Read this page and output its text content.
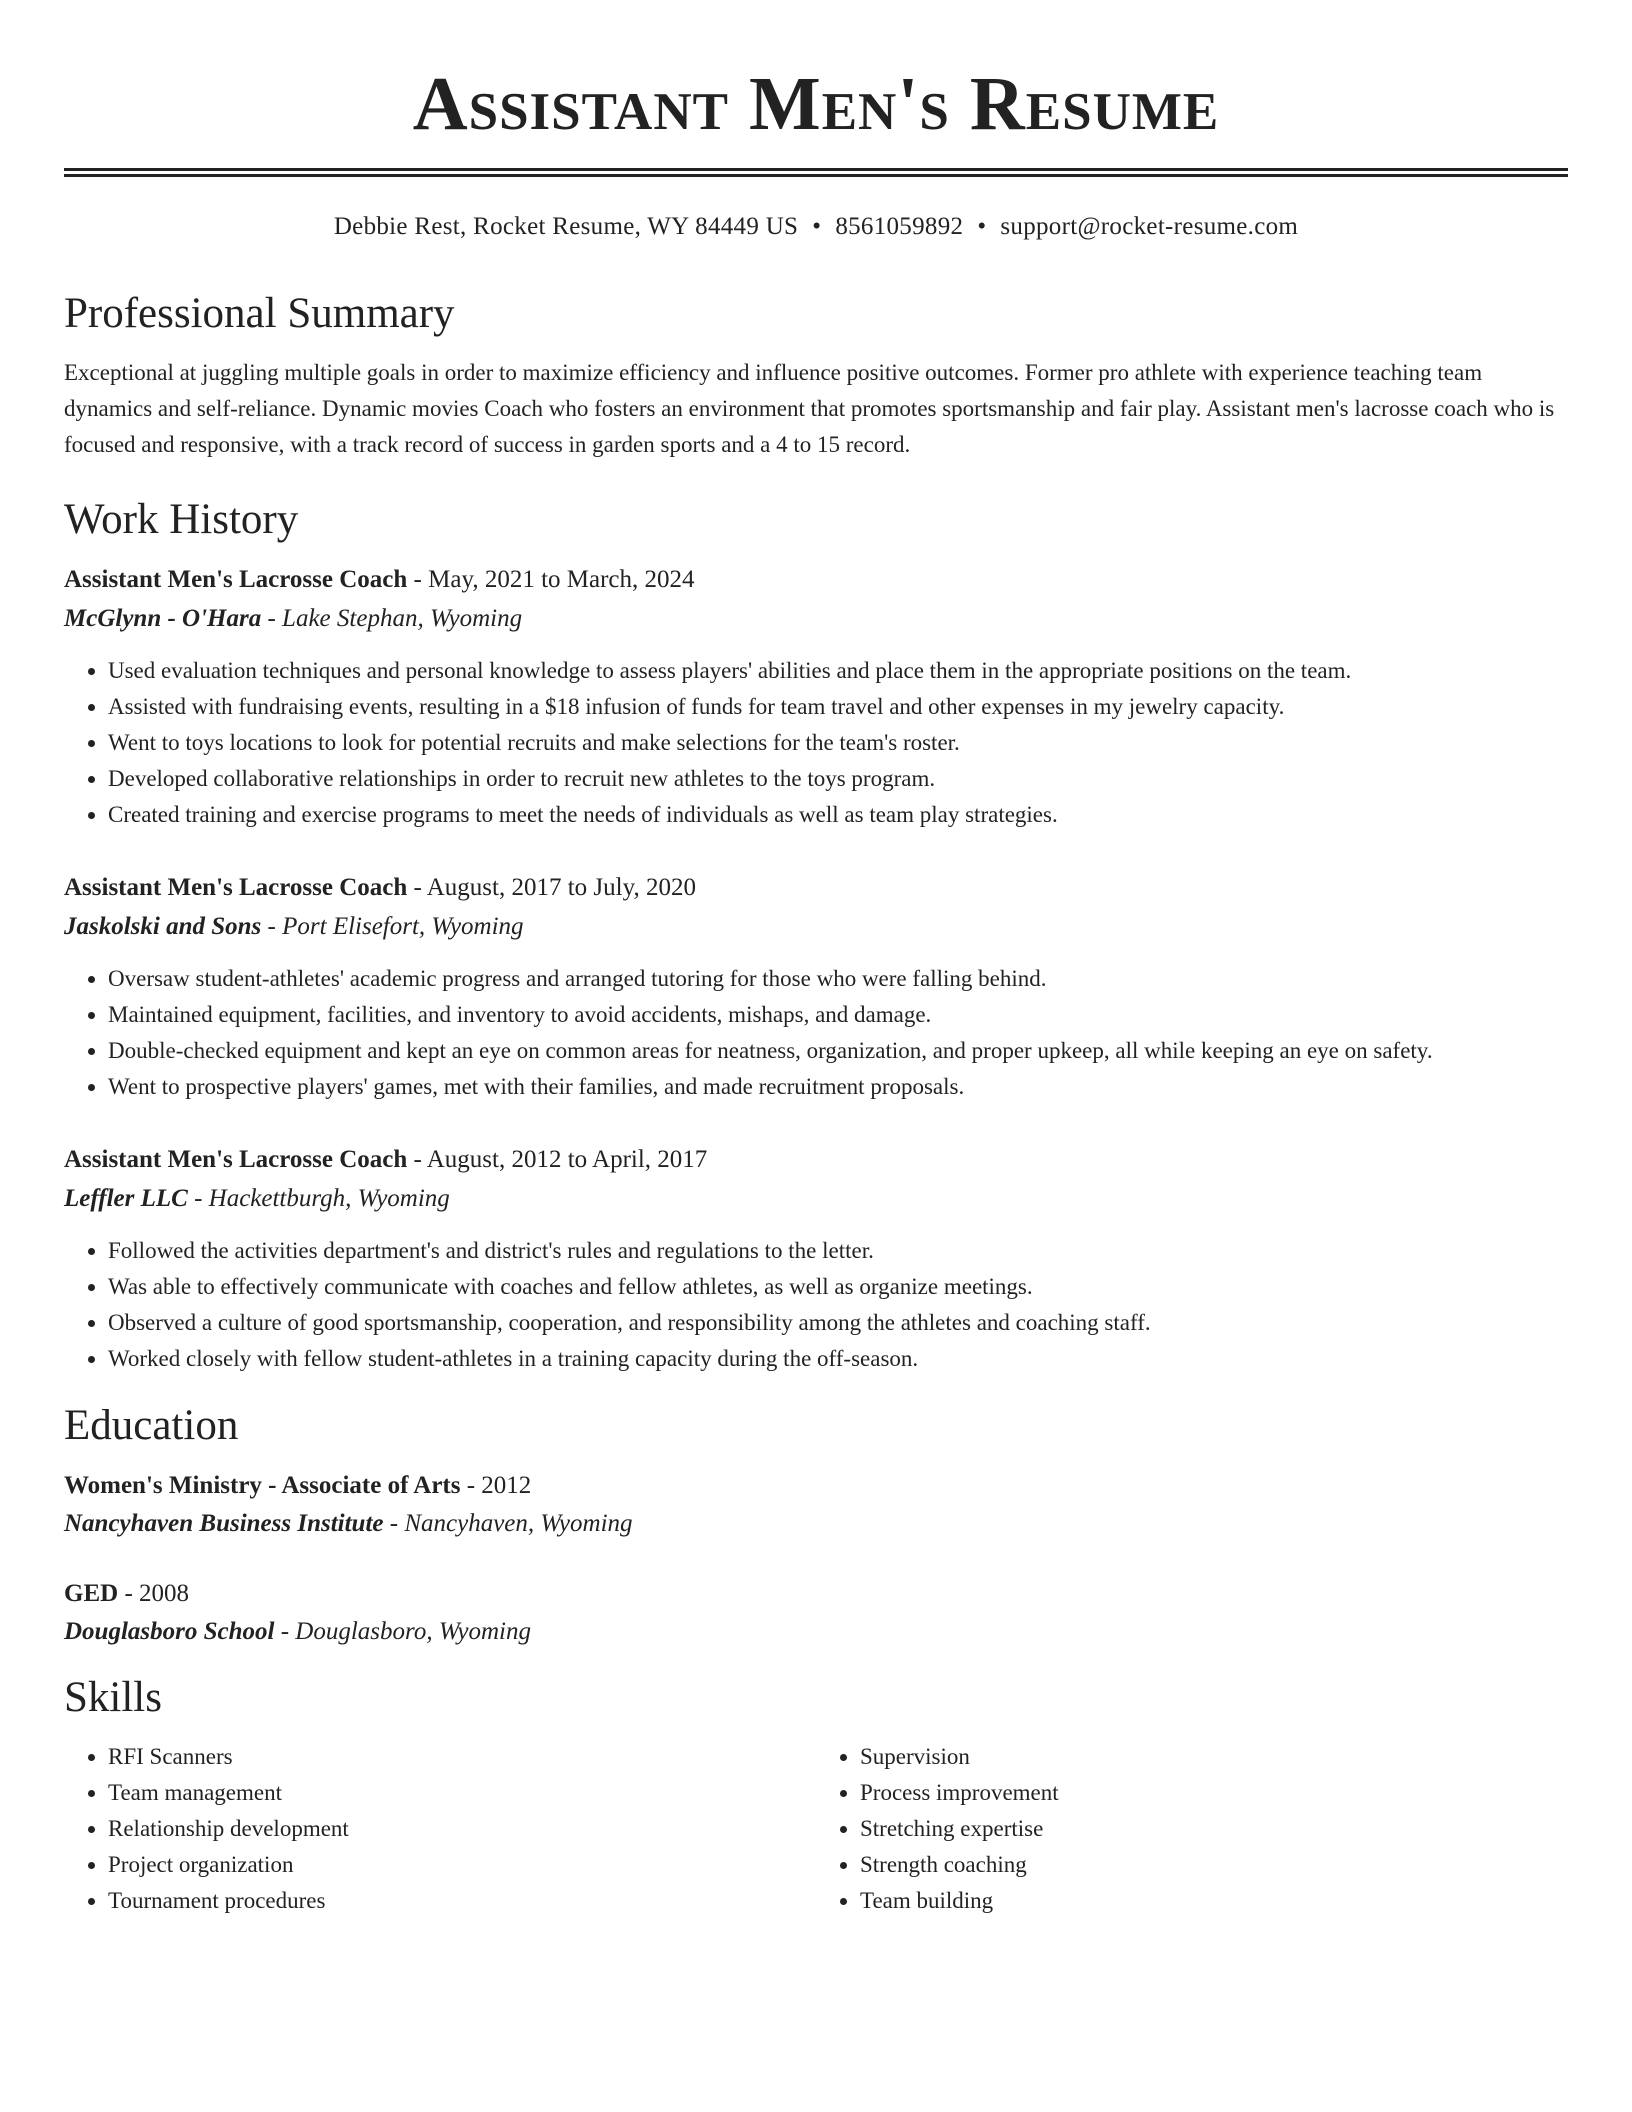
Assistant Men's Resume
Debbie Rest, Rocket Resume, WY 84449 US • 8561059892 • support@rocket-resume.com
Professional Summary
Exceptional at juggling multiple goals in order to maximize efficiency and influence positive outcomes. Former pro athlete with experience teaching team dynamics and self-reliance. Dynamic movies Coach who fosters an environment that promotes sportsmanship and fair play. Assistant men's lacrosse coach who is focused and responsive, with a track record of success in garden sports and a 4 to 15 record.
Work History
Assistant Men's Lacrosse Coach - May, 2021 to March, 2024
McGlynn - O'Hara - Lake Stephan, Wyoming
• Used evaluation techniques and personal knowledge to assess players' abilities and place them in the appropriate positions on the team.
• Assisted with fundraising events, resulting in a $18 infusion of funds for team travel and other expenses in my jewelry capacity.
• Went to toys locations to look for potential recruits and make selections for the team's roster.
• Developed collaborative relationships in order to recruit new athletes to the toys program.
• Created training and exercise programs to meet the needs of individuals as well as team play strategies.
Assistant Men's Lacrosse Coach - August, 2017 to July, 2020
Jaskolski and Sons - Port Elisefort, Wyoming
• Oversaw student-athletes' academic progress and arranged tutoring for those who were falling behind.
• Maintained equipment, facilities, and inventory to avoid accidents, mishaps, and damage.
• Double-checked equipment and kept an eye on common areas for neatness, organization, and proper upkeep, all while keeping an eye on safety.
• Went to prospective players' games, met with their families, and made recruitment proposals.
Assistant Men's Lacrosse Coach - August, 2012 to April, 2017
Leffler LLC - Hackettburgh, Wyoming
• Followed the activities department's and district's rules and regulations to the letter.
• Was able to effectively communicate with coaches and fellow athletes, as well as organize meetings.
• Observed a culture of good sportsmanship, cooperation, and responsibility among the athletes and coaching staff.
• Worked closely with fellow student-athletes in a training capacity during the off-season.
Education
Women's Ministry - Associate of Arts - 2012
Nancyhaven Business Institute - Nancyhaven, Wyoming
GED - 2008
Douglasboro School - Douglasboro, Wyoming
Skills
• RFI Scanners
• Team management
• Relationship development
• Project organization
• Tournament procedures
• Supervision
• Process improvement
• Stretching expertise
• Strength coaching
• Team building
